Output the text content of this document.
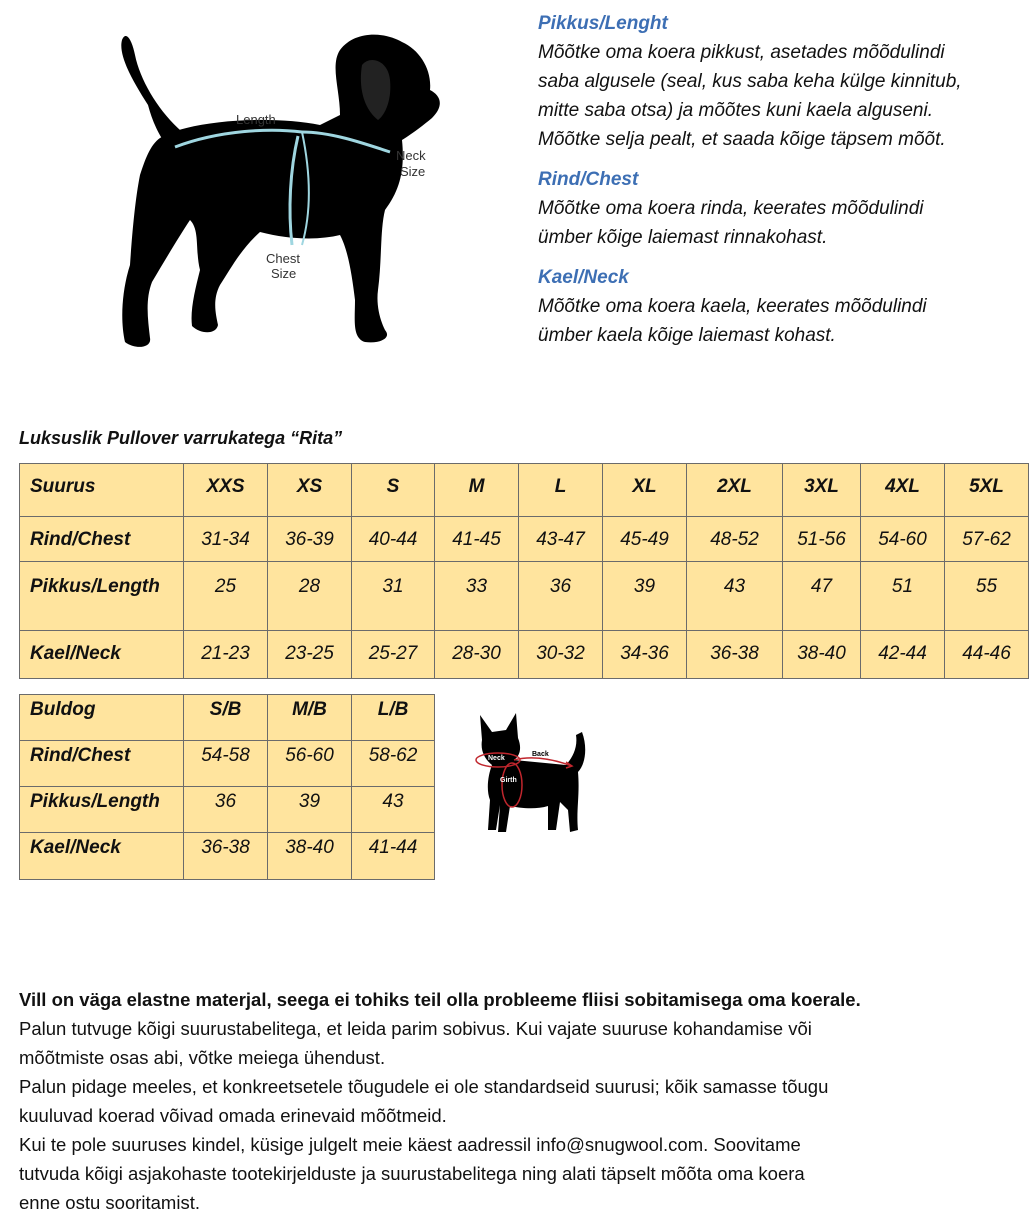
Length
Neck
Size
Chest
Size
Pikkus/Lenght
Mõõtke oma koera pikkust, asetades mõõdulindi
saba algusele (seal, kus saba keha külge kinnitub,
mitte saba otsa) ja mõõtes kuni kaela alguseni.
Mõõtke selja pealt, et saada kõige täpsem mõõt.
Rind/Chest
Mõõtke oma koera rinda, keerates mõõdulindi
ümber kõige laiemast rinnakohast.
Kael/Neck
Mõõtke oma koera kaela, keerates mõõdulindi
ümber kaela kõige laiemast kohast.
Luksuslik Pullover varrukatega “Rita”
Suurus	XXS	XS	S	M	L	XL	2XL	3XL	4XL	5XL
Rind/Chest	31-34	36-39	40-44	41-45	43-47	45-49	48-52	51-56	54-60	57-62
Pikkus/Length	25	28	31	33	36	39	43	47	51	55
Kael/Neck	21-23	23-25	25-27	28-30	30-32	34-36	36-38	38-40	42-44	44-46
Buldog	S/B	M/B	L/B
Rind/Chest	54-58	56-60	58-62
Pikkus/Length	36	39	43
Kael/Neck	36-38	38-40	41-44
Neck
Back
Girth

Vill on väga elastne materjal, seega ei tohiks teil olla probleeme fliisi sobitamisega oma koerale.

Palun tutvuge kõigi suurustabelitega, et leida parim sobivus. Kui vajate suuruse kohandamise või

mõõtmiste osas abi, võtke meiega ühendust.

Palun pidage meeles, et konkreetsetele tõugudele ei ole standardseid suurusi; kõik samasse tõugu

kuuluvad koerad võivad omada erinevaid mõõtmeid.

Kui te pole suuruses kindel, küsige julgelt meie käest aadressil info@snugwool.com. Soovitame

tutvuda kõigi asjakohaste tootekirjelduste ja suurustabelitega ning alati täpselt mõõta oma koera

enne ostu sooritamist.
